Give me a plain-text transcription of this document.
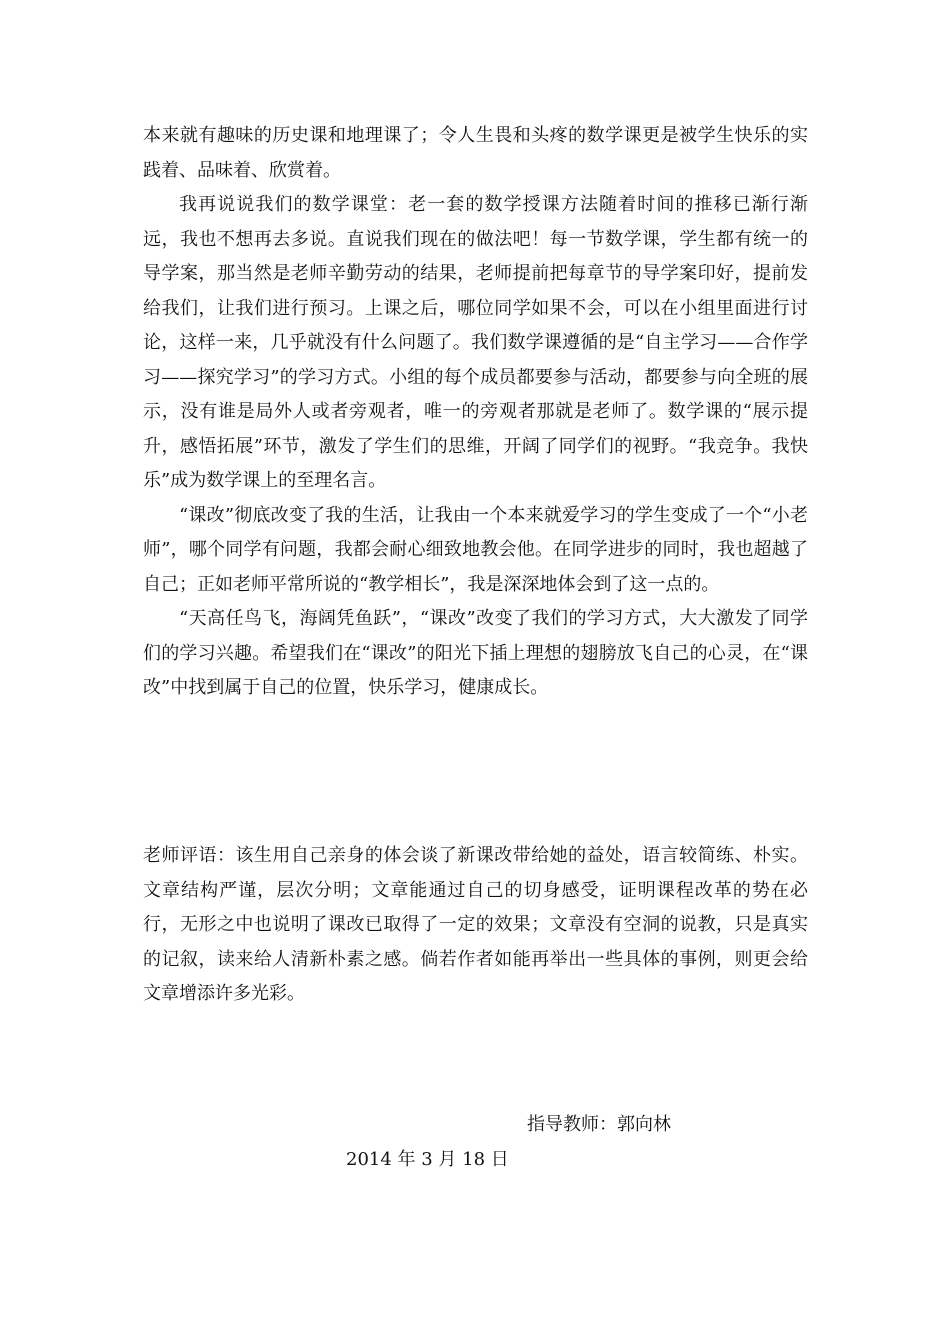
本来就有趣味的历史课和地理课了；令人生畏和头疼的数学课更是被学生快乐的实践着、品味着、欣赏着。

我再说说我们的数学课堂：老一套的数学授课方法随着时间的推移已渐行渐远，我也不想再去多说。直说我们现在的做法吧！每一节数学课，学生都有统一的导学案，那当然是老师辛勤劳动的结果，老师提前把每章节的导学案印好，提前发给我们，让我们进行预习。上课之后，哪位同学如果不会，可以在小组里面进行讨论，这样一来，几乎就没有什么问题了。我们数学课遵循的是“自主学习——合作学习——探究学习”的学习方式。小组的每个成员都要参与活动，都要参与向全班的展示，没有谁是局外人或者旁观者，唯一的旁观者那就是老师了。数学课的“展示提升，感悟拓展”环节，激发了学生们的思维，开阔了同学们的视野。“我竞争。我快乐”成为数学课上的至理名言。

“课改”彻底改变了我的生活，让我由一个本来就爱学习的学生变成了一个“小老师”，哪个同学有问题，我都会耐心细致地教会他。在同学进步的同时，我也超越了自己；正如老师平常所说的“教学相长”，我是深深地体会到了这一点的。

“天高任鸟飞，海阔凭鱼跃”，“课改”改变了我们的学习方式，大大激发了同学们的学习兴趣。希望我们在“课改”的阳光下插上理想的翅膀放飞自己的心灵，在“课改”中找到属于自己的位置，快乐学习，健康成长。

老师评语：该生用自己亲身的体会谈了新课改带给她的益处，语言较简练、朴实。文章结构严谨，层次分明；文章能通过自己的切身感受，证明课程改革的势在必行，无形之中也说明了课改已取得了一定的效果；文章没有空洞的说教，只是真实的记叙，读来给人清新朴素之感。倘若作者如能再举出一些具体的事例，则更会给文章增添许多光彩。

指导教师：郭向林
2014 年 3 月 18 日
